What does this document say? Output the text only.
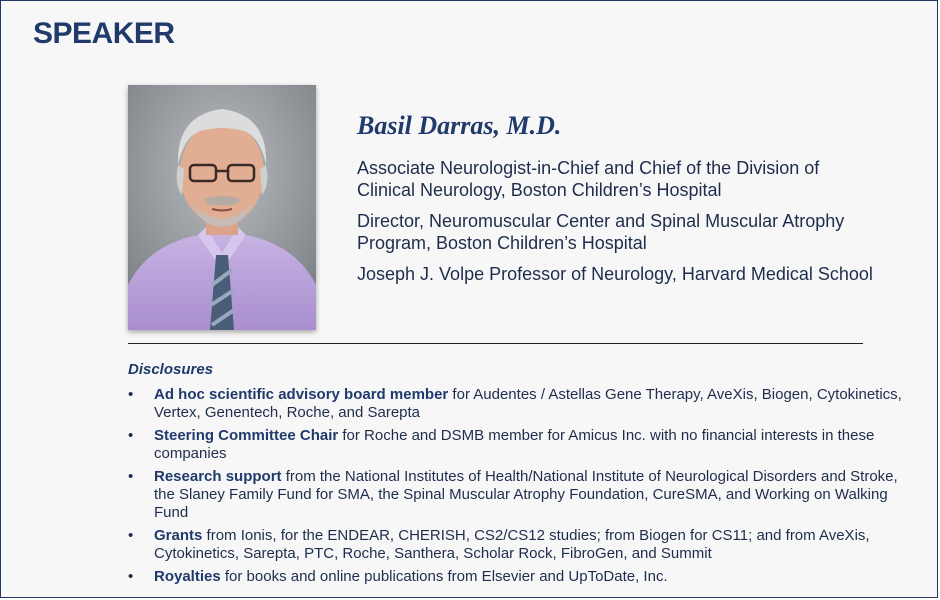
SPEAKER
Basil Darras, M.D.

Associate Neurologist-in-Chief and Chief of the Division of Clinical Neurology, Boston Children’s Hospital

Director, Neuromuscular Center and Spinal Muscular Atrophy Program, Boston Children’s Hospital

Joseph J. Volpe Professor of Neurology, Harvard Medical School

Disclosures
• Ad hoc scientific advisory board member for Audentes / Astellas Gene Therapy, AveXis, Biogen, Cytokinetics, Vertex, Genentech, Roche, and Sarepta
• Steering Committee Chair for Roche and DSMB member for Amicus Inc. with no financial interests in these companies
• Research support from the National Institutes of Health/National Institute of Neurological Disorders and Stroke, the Slaney Family Fund for SMA, the Spinal Muscular Atrophy Foundation, CureSMA, and Working on Walking Fund
• Grants from Ionis, for the ENDEAR, CHERISH, CS2/CS12 studies; from Biogen for CS11; and from AveXis, Cytokinetics, Sarepta, PTC, Roche, Santhera, Scholar Rock, FibroGen, and Summit
• Royalties for books and online publications from Elsevier and UpToDate, Inc.
